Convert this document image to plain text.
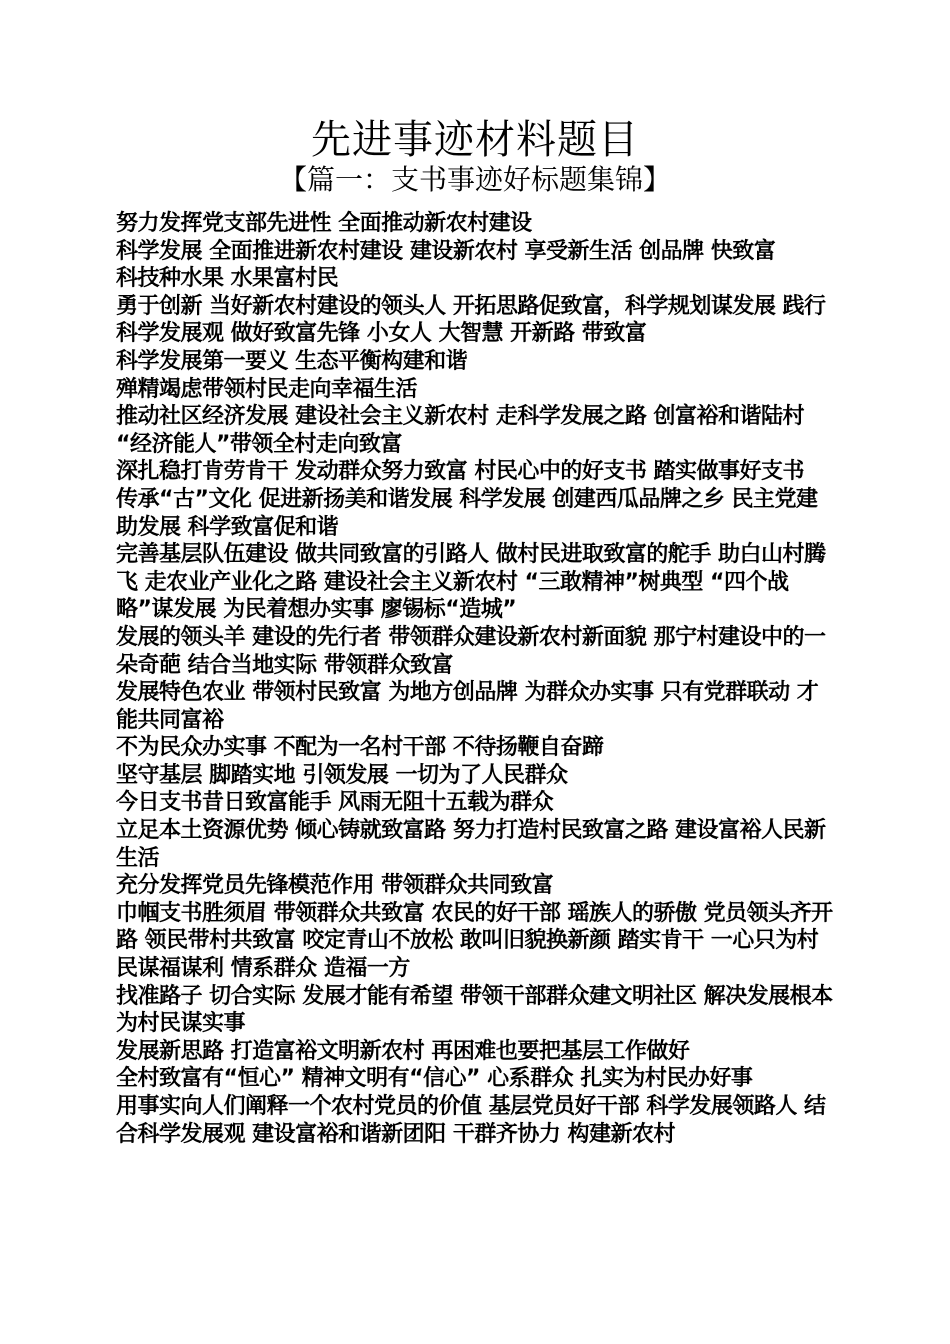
先进事迹材料题目
【篇一：支书事迹好标题集锦】

努力发挥党支部先进性 全面推动新农村建设

科学发展 全面推进新农村建设 建设新农村 享受新生活 创品牌 快致富

科技种水果 水果富村民

勇于创新 当好新农村建设的领头人 开拓思路促致富，科学规划谋发展 践行科学发展观 做好致富先锋 小女人 大智慧 开新路 带致富

科学发展第一要义 生态平衡构建和谐

殚精竭虑带领村民走向幸福生活

推动社区经济发展 建设社会主义新农村 走科学发展之路 创富裕和谐陆村 “经济能人”带领全村走向致富

深扎稳打肯劳肯干 发动群众努力致富 村民心中的好支书 踏实做事好支书

传承“古”文化 促进新扬美和谐发展 科学发展 创建西瓜品牌之乡 民主党建助发展 科学致富促和谐

完善基层队伍建设 做共同致富的引路人 做村民进取致富的舵手 助白山村腾飞 走农业产业化之路 建设社会主义新农村 “三敢精神”树典型 “四个战略”谋发展 为民着想办实事 廖锡标“造城”

发展的领头羊 建设的先行者 带领群众建设新农村新面貌 那宁村建设中的一朵奇葩 结合当地实际 带领群众致富

发展特色农业 带领村民致富 为地方创品牌 为群众办实事 只有党群联动 才能共同富裕

不为民众办实事 不配为一名村干部 不待扬鞭自奋蹄

坚守基层 脚踏实地 引领发展 一切为了人民群众

今日支书昔日致富能手 风雨无阻十五载为群众

立足本土资源优势 倾心铸就致富路 努力打造村民致富之路 建设富裕人民新生活

充分发挥党员先锋模范作用 带领群众共同致富

巾帼支书胜须眉 带领群众共致富 农民的好干部 瑶族人的骄傲 党员领头齐开路 领民带村共致富 咬定青山不放松 敢叫旧貌换新颜 踏实肯干 一心只为村民谋福谋利 情系群众 造福一方

找准路子 切合实际 发展才能有希望 带领干部群众建文明社区 解决发展根本 为村民谋实事

发展新思路 打造富裕文明新农村 再困难也要把基层工作做好

全村致富有“恒心” 精神文明有“信心” 心系群众 扎实为村民办好事

用事实向人们阐释一个农村党员的价值 基层党员好干部 科学发展领路人 结合科学发展观 建设富裕和谐新团阳 干群齐协力 构建新农村
